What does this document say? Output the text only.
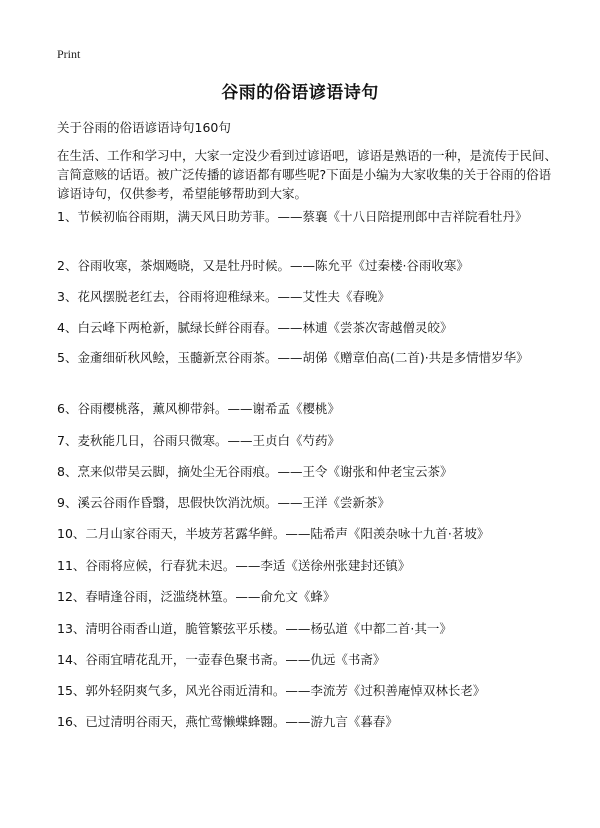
Print
谷雨的俗语谚语诗句

关于谷雨的俗语谚语诗句160句

在生活、工作和学习中，大家一定没少看到过谚语吧，谚语是熟语的一种，是流传于民间、言简意赅的话语。被广泛传播的谚语都有哪些呢?下面是小编为大家收集的关于谷雨的俗语谚语诗句，仅供参考，希望能够帮助到大家。

1、节候初临谷雨期，满天风日助芳菲。——蔡襄《十八日陪提刑郎中吉祥院看牡丹》
2、谷雨收寒，茶烟飏晓，又是牡丹时候。——陈允平《过秦楼·谷雨收寒》
3、花风摆脱老红去，谷雨将迎稚绿来。——艾性夫《春晚》
4、白云峰下两枪新，腻绿长鲜谷雨春。——林逋《尝茶次寄越僧灵皎》
5、金齑细斫秋风鲙，玉髓新烹谷雨茶。——胡俤《赠章伯高(二首)·共是多情惜岁华》
6、谷雨樱桃落，薰风柳带斜。——谢希孟《樱桃》
7、麦秋能几日，谷雨只微寒。——王贞白《芍药》
8、烹来似带吴云脚，摘处尘无谷雨痕。——王令《谢张和仲老宝云茶》
9、溪云谷雨作昏翳，思假快饮消沈烦。——王洋《尝新茶》
10、二月山家谷雨天，半坡芳茗露华鲜。——陆希声《阳羡杂咏十九首·茗坡》
11、谷雨将应候，行春犹未迟。——李适《送徐州张建封还镇》
12、春晴逢谷雨，泛滥绕林篁。——俞允文《蜂》
13、清明谷雨香山道，脆管繁弦平乐楼。——杨弘道《中都二首·其一》
14、谷雨宜晴花乱开，一壶春色聚书斋。——仇远《书斋》
15、郭外轻阴爽气多，风光谷雨近清和。——李流芳《过积善庵悼双林长老》
16、已过清明谷雨天，燕忙莺懒蝶蜂翾。——游九言《暮春》
